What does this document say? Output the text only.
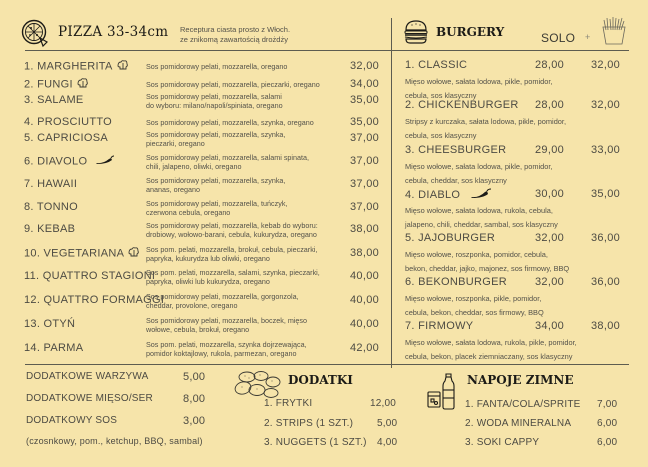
PIZZA 33-34cm Receptura ciasta prosto z Włoch.
ze znikomą zawartością drożdży
1. MARGHERITA	Sos pomidorowy pelati, mozzarella, oregano	32,00
2. FUNGI	Sos pomidorowy pelati, mozzarella, pieczarki, oregano	34,00
3. SALAME	Sos pomidorowy pelati, mozzarella, salami
do wyboru: milano/napoli/spiniata, oregano	35,00
4. PROSCIUTTO	Sos pomidorowy pelati, mozzarella, szynka, oregano	35,00
5. CAPRICIOSA	Sos pomidorowy pelati, mozzarella, szynka,
pieczarki, oregano	37,00
6. DIAVOLO	Sos pomidorowy pelati, mozzarella, salami spinata,
chili, jalapeno, oliwki, oregano	37,00
7. HAWAII	Sos pomidorowy pelati, mozzarella, szynka,
ananas, oregano	37,00
8. TONNO	Sos pomidorowy pelati, mozzarella, tuńczyk,
czerwona cebula, oregano	37,00
9. KEBAB	Sos pomidorowy pelati, mozzarella, kebab do wyboru:
drobiowy, wołowo-barani, cebula, kukurydza, oregano	38,00
10. VEGETARIANA	Sos pom. pelati, mozzarella, brokuł, cebula, pieczarki,
papryka, kukurydza lub oliwki, oregano	38,00
11. QUATTRO STAGIONI
Sos pom. pelati, mozzarella, salami, szynka, pieczarki,
papryka, oliwki lub kukurydza, oregano	40,00
12. QUATTRO FORMAGGI
Sos pomidorowy pelati, mozzarella, gorgonzola,
cheddar, provolone, oregano	40,00
13. OTYŃ	Sos pomidorowy pelati, mozzarella, boczek, mięso
wołowe, cebula, brokuł, oregano	40,00
14. PARMA	Sos pom. pelati, mozzarella, szynka dojrzewająca,
pomidor koktajlowy, rukola, parmezan, oregano	42,00
BURGERY	SOLO +
1. CLASSIC	28,00 32,00
Mięso wołowe, sałata lodowa, pikle, pomidor,
cebula, sos klasyczny
2. CHICKENBURGER 28,00 32,00
Stripsy z kurczaka, sałata lodowa, pikle, pomidor,
cebula, sos klasyczny
3. CHEESBURGER	29,00 33,00
Mięso wołowe, sałata lodowa, pikle, pomidor,
cebula, cheddar, sos klasyczny
4. DIABLO	30,00 35,00
Mięso wołowe, sałata lodowa, rukola, cebula,
jalapeno, chili, cheddar, sambal, sos klasyczny
5. JAJOBURGER	32,00 36,00
Mięso wołowe, roszponka, pomidor, cebula,
bekon, cheddar, jajko, majonez, sos firmowy, BBQ
6. BEKONBURGER	32,00 36,00
Mięso wołowe, roszponka, pikle, pomidor,
cebula, bekon, cheddar, sos firmowy, BBQ
7. FIRMOWY	34,00 38,00
Mięso wołowe, sałata lodowa, rukola, pikle, pomidor,
cebula, bekon, placek ziemniaczany, sos klasyczny
DODATKOWE WARZYWA	5,00
DODATKOWE MIĘSO/SER	8,00
DODATKOWY SOS	3,00
(czosnkowy, pom., ketchup, BBQ, sambal)
DODATKI
1. FRYTKI	12,00
2. STRIPS (1 SZT.) 5,00
3. NUGGETS (1 SZT.) 4,00
NAPOJE ZIMNE
1. FANTA/COLA/SPRITE 7,00
2. WODA MINERALNA	6,00
3. SOKI CAPPY	6,00
